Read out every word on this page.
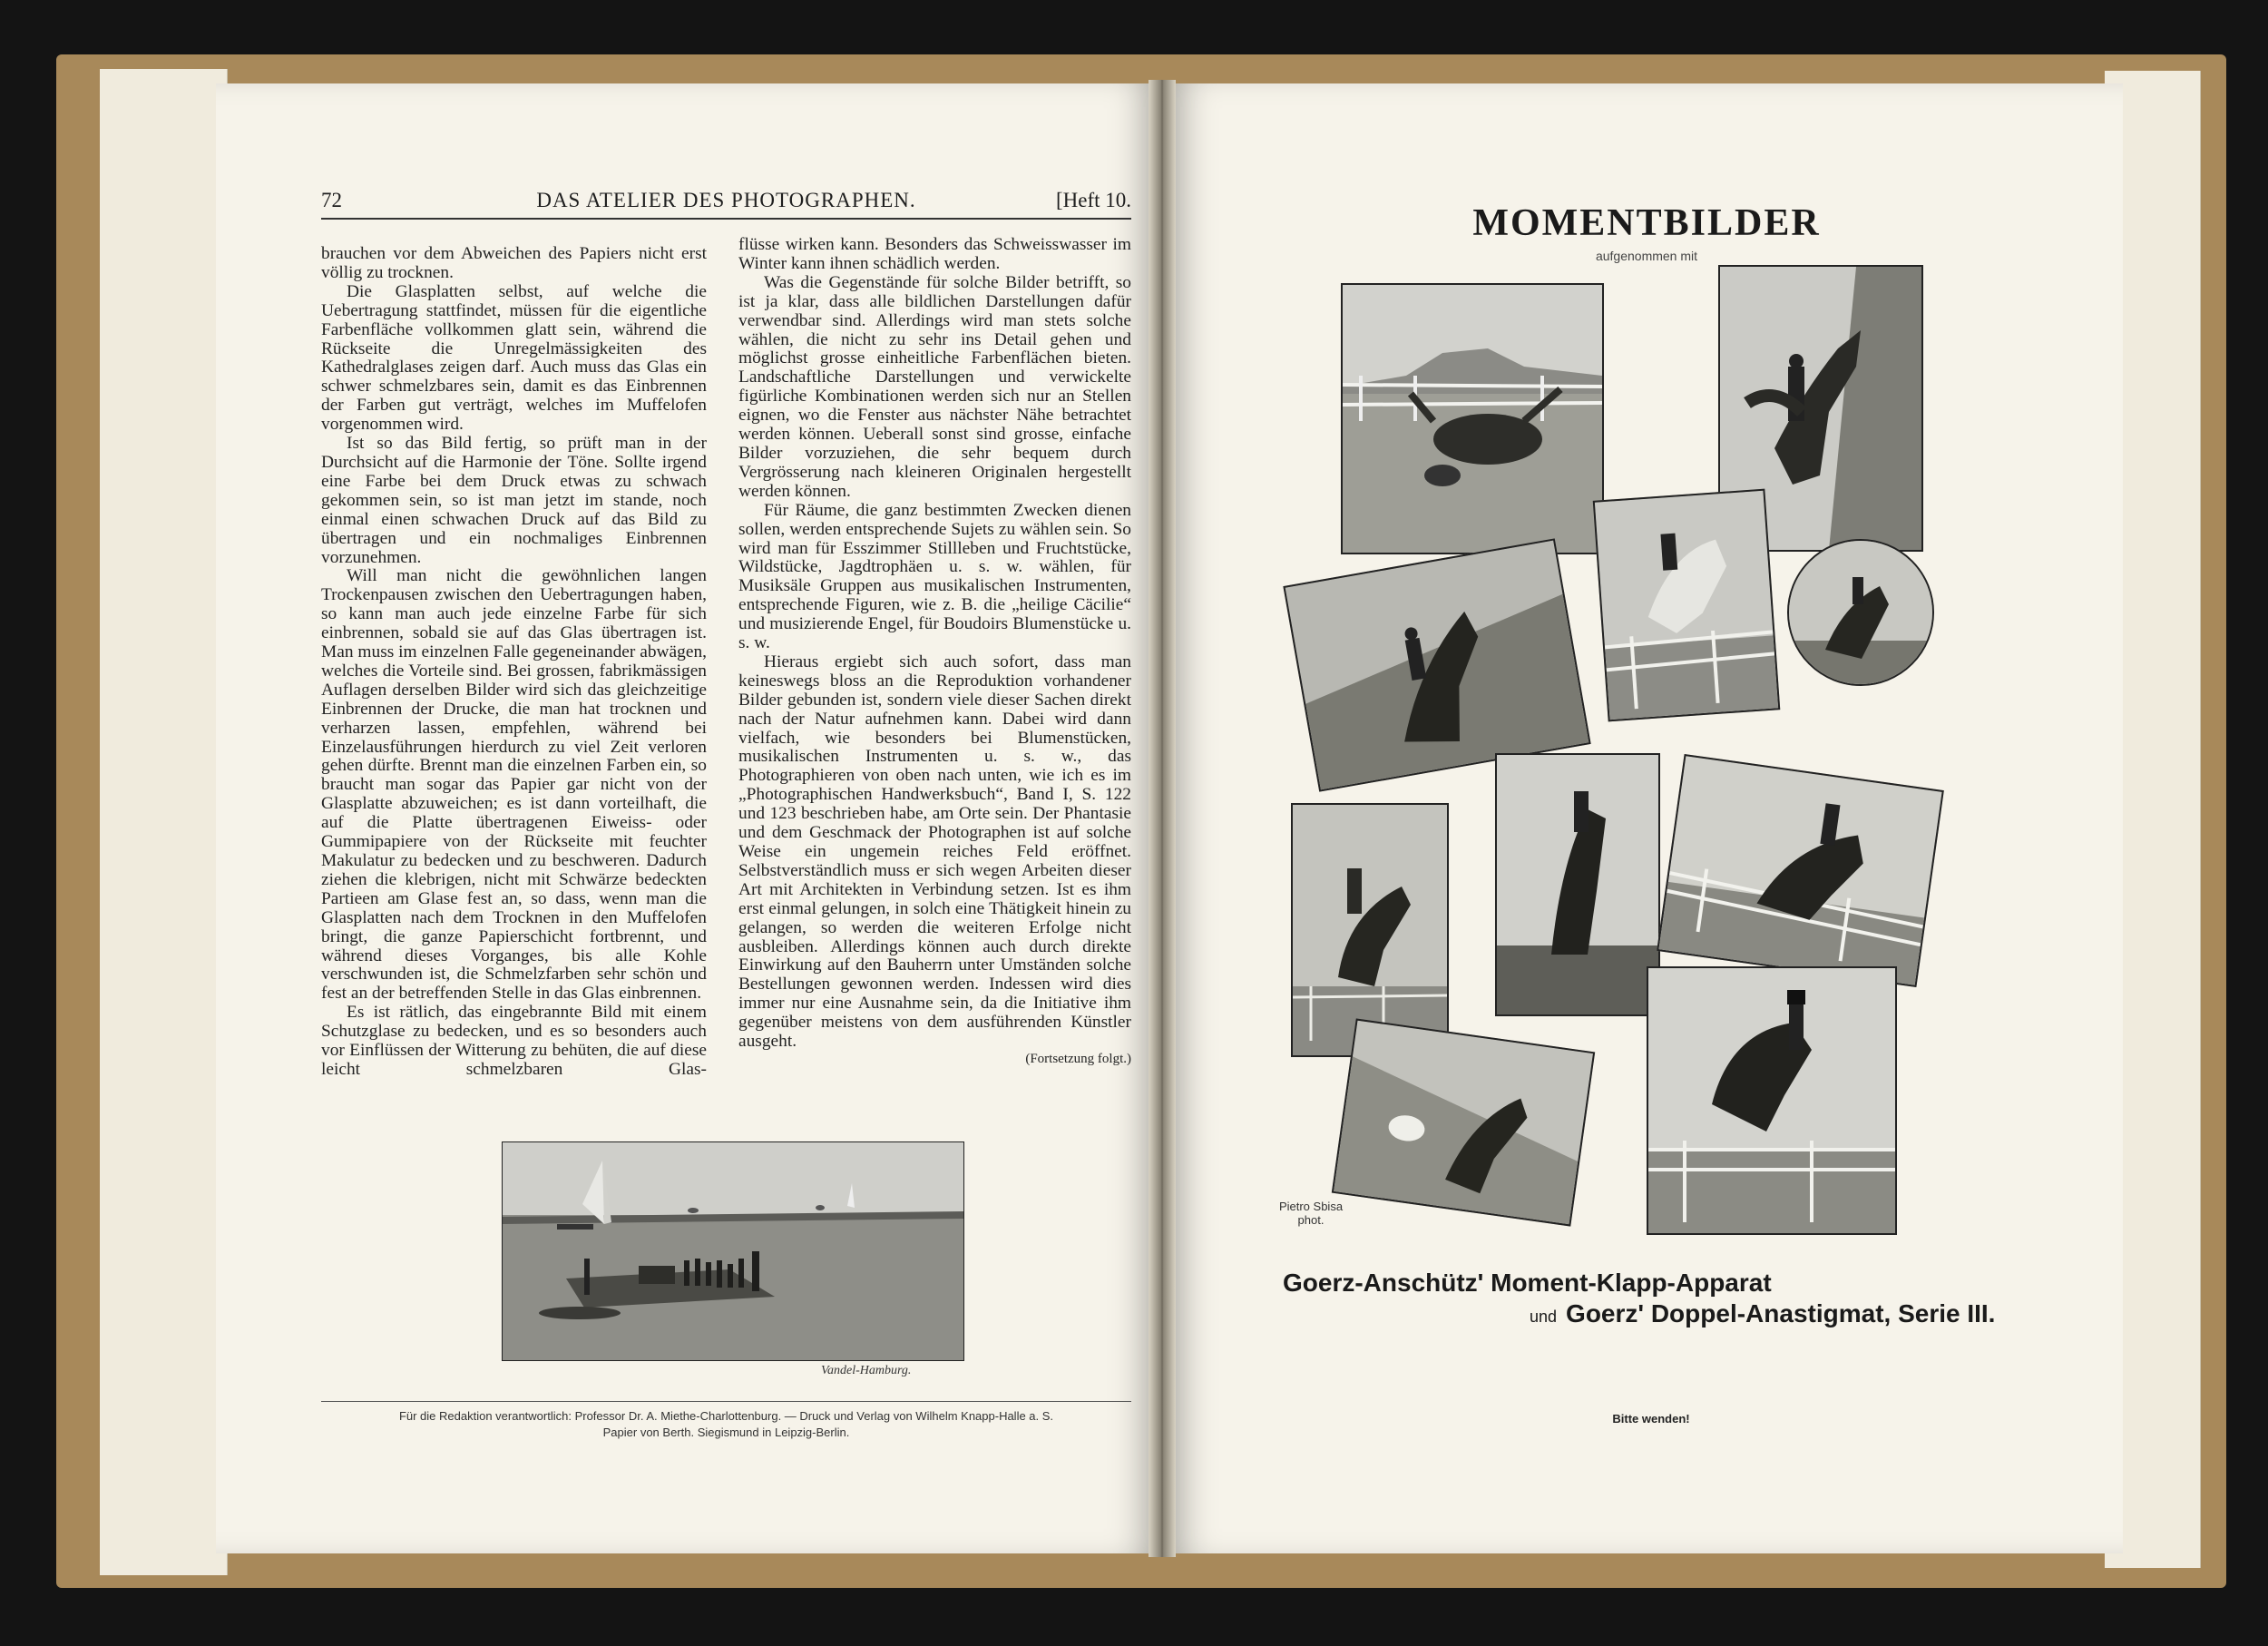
72	DAS ATELIER DES PHOTOGRAPHEN.	[Heft 10.

brauchen vor dem Abweichen des Papiers nicht erst völlig zu trocknen.

Die Glasplatten selbst, auf welche die Uebertragung stattfindet, müssen für die eigentliche Farbenfläche vollkommen glatt sein, während die Rückseite die Unregelmässigkeiten des Kathedralglases zeigen darf. Auch muss das Glas ein schwer schmelzbares sein, damit es das Einbrennen der Farben gut verträgt, welches im Muffelofen vorgenommen wird.

Ist so das Bild fertig, so prüft man in der Durchsicht auf die Harmonie der Töne. Sollte irgend eine Farbe bei dem Druck etwas zu schwach gekommen sein, so ist man jetzt im stande, noch einmal einen schwachen Druck auf das Bild zu übertragen und ein nochmaliges Einbrennen vorzunehmen.

Will man nicht die gewöhnlichen langen Trockenpausen zwischen den Uebertragungen haben, so kann man auch jede einzelne Farbe für sich einbrennen, sobald sie auf das Glas übertragen ist. Man muss im einzelnen Falle gegeneinander abwägen, welches die Vorteile sind. Bei grossen, fabrikmässigen Auflagen derselben Bilder wird sich das gleichzeitige Einbrennen der Drucke, die man hat trocknen und verharzen lassen, empfehlen, während bei Einzelausführungen hierdurch zu viel Zeit verloren gehen dürfte. Brennt man die einzelnen Farben ein, so braucht man sogar das Papier gar nicht von der Glasplatte abzuweichen; es ist dann vorteilhaft, die auf die Platte übertragenen Eiweiss- oder Gummipapiere von der Rückseite mit feuchter Makulatur zu bedecken und zu beschweren. Dadurch ziehen die klebrigen, nicht mit Schwärze bedeckten Partieen am Glase fest an, so dass, wenn man die Glasplatten nach dem Trocknen in den Muffelofen bringt, die ganze Papierschicht fortbrennt, und während dieses Vorganges, bis alle Kohle verschwunden ist, die Schmelzfarben sehr schön und fest an der betreffenden Stelle in das Glas einbrennen.

Es ist rätlich, das eingebrannte Bild mit einem Schutzglase zu bedecken, und es so besonders auch vor Einflüssen der Witterung zu behüten, die auf diese leicht schmelzbaren Glas-

flüsse wirken kann. Besonders das Schweisswasser im Winter kann ihnen schädlich werden.

Was die Gegenstände für solche Bilder betrifft, so ist ja klar, dass alle bildlichen Darstellungen dafür verwendbar sind. Allerdings wird man stets solche wählen, die nicht zu sehr ins Detail gehen und möglichst grosse einheitliche Farbenflächen bieten. Landschaftliche Darstellungen und verwickelte figürliche Kombinationen werden sich nur an Stellen eignen, wo die Fenster aus nächster Nähe betrachtet werden können. Ueberall sonst sind grosse, einfache Bilder vorzuziehen, die sehr bequem durch Vergrösserung nach kleineren Originalen hergestellt werden können.

Für Räume, die ganz bestimmten Zwecken dienen sollen, werden entsprechende Sujets zu wählen sein. So wird man für Esszimmer Stillleben und Fruchtstücke, Wildstücke, Jagdtrophäen u. s. w. wählen, für Musiksäle Gruppen aus musikalischen Instrumenten, entsprechende Figuren, wie z. B. die „heilige Cäcilie“ und musizierende Engel, für Boudoirs Blumenstücke u. s. w.

Hieraus ergiebt sich auch sofort, dass man keineswegs bloss an die Reproduktion vorhandener Bilder gebunden ist, sondern viele dieser Sachen direkt nach der Natur aufnehmen kann. Dabei wird dann vielfach, wie besonders bei Blumenstücken, musikalischen Instrumenten u. s. w., das Photographieren von oben nach unten, wie ich es im „Photographischen Handwerksbuch“, Band I, S. 122 und 123 beschrieben habe, am Orte sein. Der Phantasie und dem Geschmack der Photographen ist auf solche Weise ein ungemein reiches Feld eröffnet. Selbstverständlich muss er sich wegen Arbeiten dieser Art mit Architekten in Verbindung setzen. Ist es ihm erst einmal gelungen, in solch eine Thätigkeit hinein zu gelangen, so werden die weiteren Erfolge nicht ausbleiben. Allerdings können auch durch direkte Einwirkung auf den Bauherrn unter Umständen solche Bestellungen gewonnen werden. Indessen wird dies immer nur eine Ausnahme sein, da die Initiative ihm gegenüber meistens von dem ausführenden Künstler ausgeht.

(Fortsetzung folgt.)
Vandel-Hamburg.
Für die Redaktion verantwortlich: Professor Dr. A. Miethe-Charlottenburg. — Druck und Verlag von Wilhelm Knapp-Halle a. S.
Papier von Berth. Siegismund in Leipzig-Berlin.
MOMENTBILDER
aufgenommen mit
Pietro Sbisa
phot.
Goerz-Anschütz' Moment-Klapp-Apparat
und Goerz' Doppel-Anastigmat, Serie III.
Bitte wenden!
